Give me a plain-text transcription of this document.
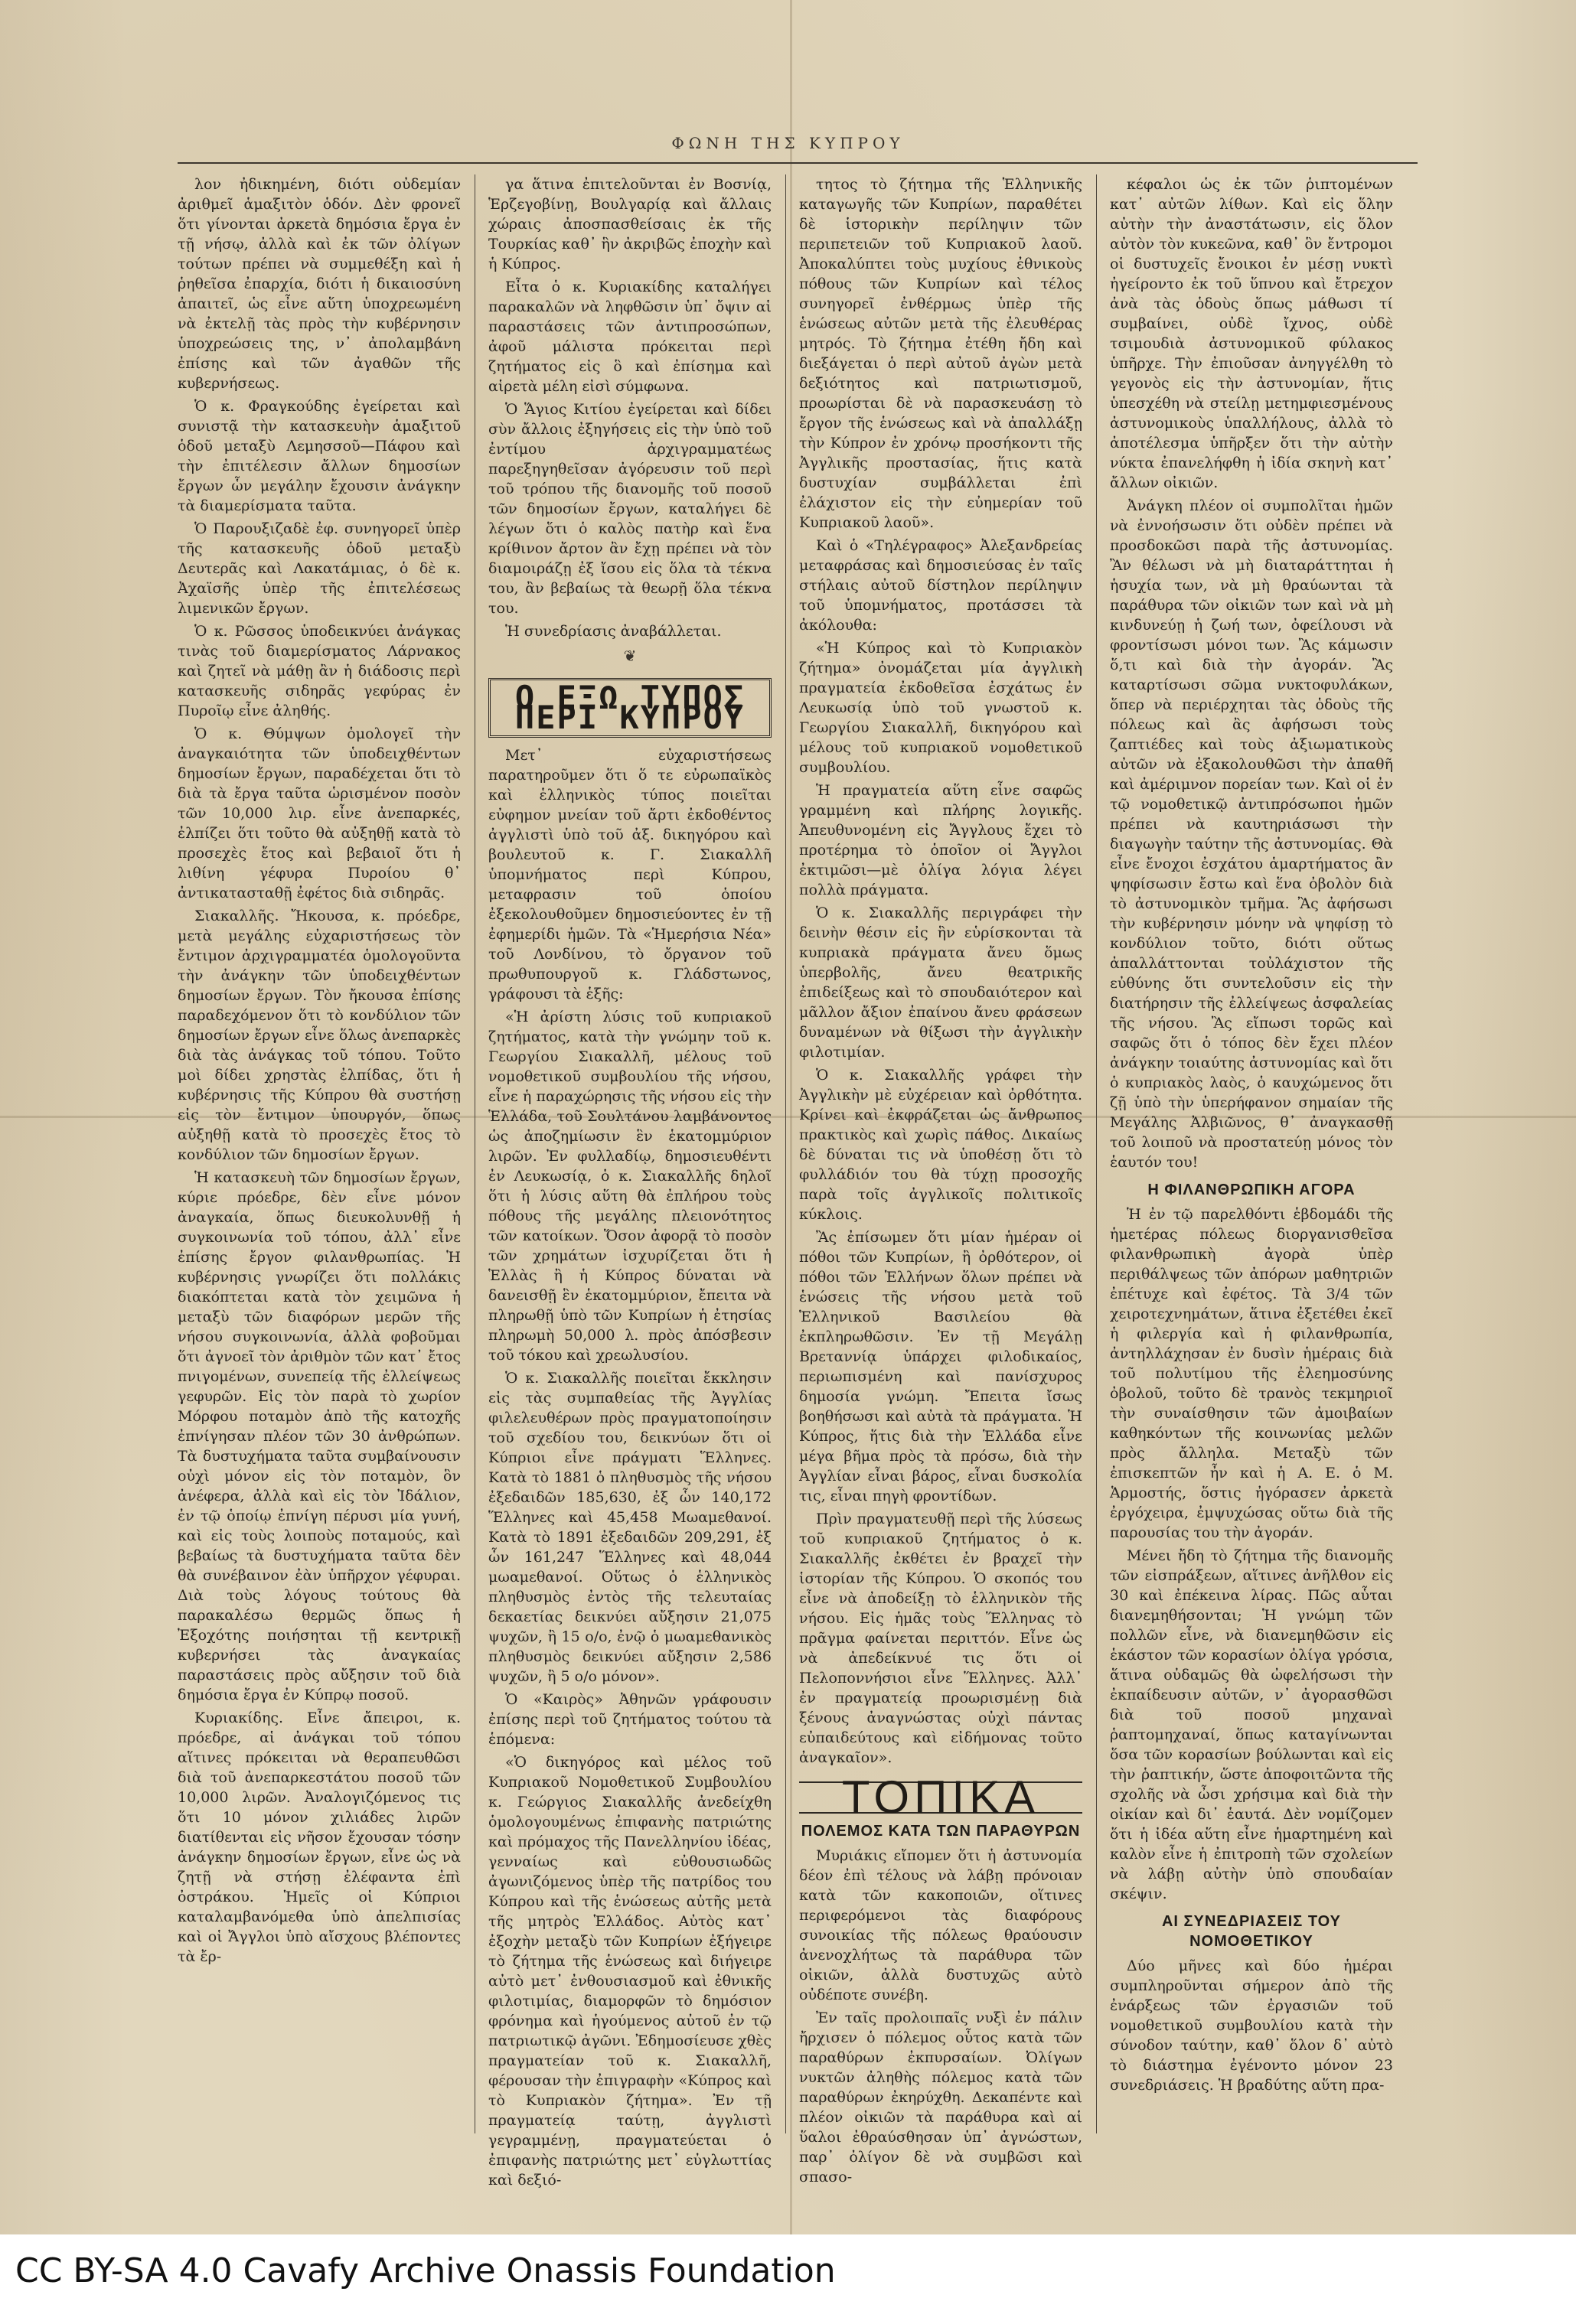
ΦΩΝΗ ΤΗΣ ΚΥΠΡΟΥ

λον ἠδικημένη, διότι οὐδεμίαν ἀριθμεῖ ἁμαξιτὸν ὁδόν. Δὲν φρονεῖ ὅτι γίνονται ἀρκετὰ δημόσια ἔργα ἐν τῇ νήσῳ, ἀλλὰ καὶ ἐκ τῶν ὀλίγων τούτων πρέπει νὰ συμμεθέξη καὶ ἡ ῥηθεῖσα ἐπαρχία, διότι ἡ δικαιοσύνη ἀπαιτεῖ, ὡς εἶνε αὕτη ὑποχρεωμένη νὰ ἐκτελῇ τὰς πρὸς τὴν κυβέρνησιν ὑποχρεώσεις της, ν᾽ ἀπολαμβάνη ἐπίσης καὶ τῶν ἀγαθῶν τῆς κυβερνήσεως.

Ὁ κ. Φραγκούδης ἐγείρεται καὶ συνιστᾷ τὴν κατασκευὴν ἁμαξιτοῦ ὁδοῦ μεταξὺ Λεμησσοῦ—Πάφου καὶ τὴν ἐπιτέλεσιν ἄλλων δημοσίων ἔργων ὧν μεγάλην ἔχουσιν ἀνάγκην τὰ διαμερίσματα ταῦτα.

Ὁ Παρουξιζαδὲ ἐφ. συνηγορεῖ ὑπὲρ τῆς κατασκευῆς ὁδοῦ μεταξὺ Δευτερᾶς καὶ Λακατάμιας, ὁ δὲ κ. Ἀχαϊσῆς ὑπὲρ τῆς ἐπιτελέσεως λιμενικῶν ἔργων.

Ὁ κ. Ρῶσσος ὑποδεικνύει ἀνάγκας τινὰς τοῦ διαμερίσματος Λάρνακος καὶ ζητεῖ νὰ μάθῃ ἂν ἡ διάδοσις περὶ κατασκευῆς σιδηρᾶς γεφύρας ἐν Πυροῖῳ εἶνε ἀληθής.

Ὁ κ. Θύμψων ὁμολογεῖ τὴν ἀναγκαιότητα τῶν ὑποδειχθέντων δημοσίων ἔργων, παραδέχεται ὅτι τὸ διὰ τὰ ἔργα ταῦτα ὡρισμένον ποσὸν τῶν 10,000 λιρ. εἶνε ἀνεπαρκές, ἐλπίζει ὅτι τοῦτο θὰ αὐξηθῇ κατὰ τὸ προσεχὲς ἔτος καὶ βεβαιοῖ ὅτι ἡ λιθίνη γέφυρα Πυροίου θ᾽ ἀντικατασταθῇ ἐφέτος διὰ σιδηρᾶς.

Σιακαλλῆς. Ἤκουσα, κ. πρόεδρε, μετὰ μεγάλης εὐχαριστήσεως τὸν ἔντιμον ἀρχιγραμματέα ὁμολογοῦντα τὴν ἀνάγκην τῶν ὑποδειχθέντων δημοσίων ἔργων. Τὸν ἤκουσα ἐπίσης παραδεχόμενον ὅτι τὸ κονδύλιον τῶν δημοσίων ἔργων εἶνε ὅλως ἀνεπαρκὲς διὰ τὰς ἀνάγκας τοῦ τόπου. Τοῦτο μοὶ δίδει χρηστὰς ἐλπίδας, ὅτι ἡ κυβέρνησις τῆς Κύπρου θὰ συστήσῃ εἰς τὸν ἔντιμον ὑπουργόν, ὅπως αὐξηθῇ κατὰ τὸ προσεχὲς ἔτος τὸ κονδύλιον τῶν δημοσίων ἔργων.

Ἡ κατασκευὴ τῶν δημοσίων ἔργων, κύριε πρόεδρε, δὲν εἶνε μόνον ἀναγκαία, ὅπως διευκολυνθῇ ἡ συγκοινωνία τοῦ τόπου, ἀλλ᾽ εἶνε ἐπίσης ἔργον φιλανθρωπίας. Ἡ κυβέρνησις γνωρίζει ὅτι πολλάκις διακόπτεται κατὰ τὸν χειμῶνα ἡ μεταξὺ τῶν διαφόρων μερῶν τῆς νήσου συγκοινωνία, ἀλλὰ φοβοῦμαι ὅτι ἀγνοεῖ τὸν ἀριθμὸν τῶν κατ᾽ ἔτος πνιγομένων, συνεπείᾳ τῆς ἐλλείψεως γεφυρῶν. Εἰς τὸν παρὰ τὸ χωρίον Μόρφου ποταμὸν ἀπὸ τῆς κατοχῆς ἐπνίγησαν πλέον τῶν 30 ἀνθρώπων. Τὰ δυστυχήματα ταῦτα συμβαίνουσιν οὐχὶ μόνον εἰς τὸν ποταμὸν, ὃν ἀνέφερα, ἀλλὰ καὶ εἰς τὸν Ἰδάλιον, ἐν τῷ ὁποίῳ ἐπνίγη πέρυσι μία γυνή, καὶ εἰς τοὺς λοιποὺς ποταμούς, καὶ βεβαίως τὰ δυστυχήματα ταῦτα δὲν θὰ συνέβαινον ἐὰν ὑπῆρχον γέφυραι. Διὰ τοὺς λόγους τούτους θὰ παρακαλέσω θερμῶς ὅπως ἡ Ἐξοχότης ποιήσηται τῇ κεντρικῇ κυβερνήσει τὰς ἀναγκαίας παραστάσεις πρὸς αὔξησιν τοῦ διὰ δημόσια ἔργα ἐν Κύπρῳ ποσοῦ.

Κυριακίδης. Εἶνε ἄπειροι, κ. πρόεδρε, αἱ ἀνάγκαι τοῦ τόπου αἵτινες πρόκειται νὰ θεραπευθῶσι διὰ τοῦ ἀνεπαρκεστάτου ποσοῦ τῶν 10,000 λιρῶν. Ἀναλογιζόμενος τις ὅτι 10 μόνον χιλιάδες λιρῶν διατίθενται εἰς νῆσον ἔχουσαν τόσην ἀνάγκην δημοσίων ἔργων, εἶνε ὡς νὰ ζητῇ νὰ στήσῃ ἐλέφαντα ἐπὶ ὀστράκου. Ἡμεῖς οἱ Κύπριοι καταλαμβανόμεθα ὑπὸ ἀπελπισίας καὶ οἱ Ἄγγλοι ὑπὸ αἴσχους βλέποντες τὰ ἔρ-

γα ἅτινα ἐπιτελοῦνται ἐν Βοσνίᾳ, Ἑρζεγοβίνῃ, Βουλγαρίᾳ καὶ ἄλλαις χώραις ἀποσπασθείσαις ἐκ τῆς Τουρκίας καθ᾽ ἣν ἀκριβῶς ἐποχὴν καὶ ἡ Κύπρος.

Εἶτα ὁ κ. Κυριακίδης καταλήγει παρακαλῶν νὰ ληφθῶσιν ὑπ᾽ ὄψιν αἱ παραστάσεις τῶν ἀντιπροσώπων, ἀφοῦ μάλιστα πρόκειται περὶ ζητήματος εἰς ὃ καὶ ἐπίσημα καὶ αἱρετὰ μέλη εἰσὶ σύμφωνα.

Ὁ Ἅγιος Κιτίου ἐγείρεται καὶ δίδει σὺν ἄλλοις ἐξηγήσεις εἰς τὴν ὑπὸ τοῦ ἐντίμου ἀρχιγραμματέως παρεξηγηθεῖσαν ἀγόρευσιν τοῦ περὶ τοῦ τρόπου τῆς διανομῆς τοῦ ποσοῦ τῶν δημοσίων ἔργων, καταλήγει δὲ λέγων ὅτι ὁ καλὸς πατὴρ καὶ ἕνα κρίθινον ἄρτον ἂν ἔχῃ πρέπει νὰ τὸν διαμοιράζῃ ἐξ ἴσου εἰς ὅλα τὰ τέκνα του, ἂν βεβαίως τὰ θεωρῇ ὅλα τέκνα του.

Ἡ συνεδρίασις ἀναβάλλεται.

❦
Ο ΕΞΩ ΤΥΠΟΣ ΠΕΡΙ ΚΥΠΡΟΥ

Μετ᾽ εὐχαριστήσεως παρατηροῦμεν ὅτι ὅ τε εὐρωπαϊκὸς καὶ ἑλληνικὸς τύπος ποιεῖται εὐφημον μνείαν τοῦ ἄρτι ἐκδοθέντος ἀγγλιστὶ ὑπὸ τοῦ ἀξ. δικηγόρου καὶ βουλευτοῦ κ. Γ. Σιακαλλῆ ὑπομνήματος περὶ Κύπρου, μεταφρασιν τοῦ ὁποίου ἐξεκολουθοῦμεν δημοσιεύοντες ἐν τῇ ἐφημερίδι ἡμῶν. Τὰ «Ἡμερήσια Νέα» τοῦ Λονδίνου, τὸ ὄργανον τοῦ πρωθυπουργοῦ κ. Γλάδστωνος, γράφουσι τὰ ἑξῆς:

«Ἡ ἀρίστη λύσις τοῦ κυπριακοῦ ζητήματος, κατὰ τὴν γνώμην τοῦ κ. Γεωργίου Σιακαλλῆ, μέλους τοῦ νομοθετικοῦ συμβουλίου τῆς νήσου, εἶνε ἡ παραχώρησις τῆς νήσου εἰς τὴν Ἑλλάδα, τοῦ Σουλτάνου λαμβάνοντος ὡς ἀποζημίωσιν ἓν ἑκατομμύριον λιρῶν. Ἐν φυλλαδίῳ, δημοσιευθέντι ἐν Λευκωσίᾳ, ὁ κ. Σιακαλλῆς δηλοῖ ὅτι ἡ λύσις αὕτη θὰ ἐπλήρου τοὺς πόθους τῆς μεγάλης πλειονότητος τῶν κατοίκων. Ὅσον ἀφορᾷ τὸ ποσὸν τῶν χρημάτων ἰσχυρίζεται ὅτι ἡ Ἑλλὰς ἢ ἡ Κύπρος δύναται νὰ δανεισθῇ ἓν ἑκατομμύριον, ἔπειτα νὰ πληρωθῇ ὑπὸ τῶν Κυπρίων ἡ ἐτησίας πληρωμὴ 50,000 λ. πρὸς ἀπόσβεσιν τοῦ τόκου καὶ χρεωλυσίου.

Ὁ κ. Σιακαλλῆς ποιεῖται ἔκκλησιν εἰς τὰς συμπαθείας τῆς Ἀγγλίας φιλελευθέρων πρὸς πραγματοποίησιν τοῦ σχεδίου του, δεικνύων ὅτι οἱ Κύπριοι εἶνε πράγματι Ἕλληνες. Κατὰ τὸ 1881 ὁ πληθυσμὸς τῆς νήσου ἐξεδαιδῶν 185,630, ἐξ ὧν 140,172 Ἕλληνες καὶ 45,458 Μωαμεθανοί. Κατὰ τὸ 1891 ἐξεδαιδῶν 209,291, ἐξ ὧν 161,247 Ἕλληνες καὶ 48,044 μωαμεθανοί. Οὕτως ὁ ἑλληνικὸς πληθυσμὸς ἐντὸς τῆς τελευταίας δεκαετίας δεικνύει αὔξησιν 21,075 ψυχῶν, ἢ 15 ο/ο, ἐνῷ ὁ μωαμεθανικὸς πληθυσμὸς δεικνύει αὔξησιν 2,586 ψυχῶν, ἢ 5 ο/ο μόνον».

Ὁ «Καιρὸς» Ἀθηνῶν γράφουσιν ἐπίσης περὶ τοῦ ζητήματος τούτου τὰ ἑπόμενα:

«Ὁ δικηγόρος καὶ μέλος τοῦ Κυπριακοῦ Νομοθετικοῦ Συμβουλίου κ. Γεώργιος Σιακαλλῆς ἀνεδείχθη ὁμολογουμένως ἐπιφανὴς πατριώτης καὶ πρόμαχος τῆς Πανελληνίου ἰδέας, γενναίως καὶ εὐθουσιωδῶς ἀγωνιζόμενος ὑπὲρ τῆς πατρίδος του Κύπρου καὶ τῆς ἑνώσεως αὐτῆς μετὰ τῆς μητρὸς Ἑλλάδος. Αὐτὸς κατ᾽ ἐξοχὴν μεταξὺ τῶν Κυπρίων ἐξήγειρε τὸ ζήτημα τῆς ἑνώσεως καὶ διήγειρε αὐτὸ μετ᾽ ἐνθουσιασμοῦ καὶ ἐθνικῆς φιλοτιμίας, διαμορφῶν τὸ δημόσιον φρόνημα καὶ ἡγούμενος αὐτοῦ ἐν τῷ πατριωτικῷ ἀγῶνι. Ἐδημοσίευσε χθὲς πραγματείαν τοῦ κ. Σιακαλλῆ, φέρουσαν τὴν ἐπιγραφὴν «Κύπρος καὶ τὸ Κυπριακὸν ζήτημα». Ἐν τῇ πραγματείᾳ ταύτῃ, ἀγγλιστὶ γεγραμμένῃ, πραγματεύεται ὁ ἐπιφανὴς πατριώτης μετ᾽ εὐγλωττίας καὶ δεξιό-

τητος τὸ ζήτημα τῆς Ἑλληνικῆς καταγωγῆς τῶν Κυπρίων, παραθέτει δὲ ἱστορικὴν περίληψιν τῶν περιπετειῶν τοῦ Κυπριακοῦ λαοῦ. Ἀποκαλύπτει τοὺς μυχίους ἐθνικοὺς πόθους τῶν Κυπρίων καὶ τέλος συνηγορεῖ ἐνθέρμως ὑπὲρ τῆς ἑνώσεως αὐτῶν μετὰ τῆς ἐλευθέρας μητρός. Τὸ ζήτημα ἐτέθη ἤδη καὶ διεξάγεται ὁ περὶ αὐτοῦ ἀγὼν μετὰ δεξιότητος καὶ πατριωτισμοῦ, προωρίσται δὲ νὰ παρασκευάσῃ τὸ ἔργον τῆς ἑνώσεως καὶ νὰ ἀπαλλάξῃ τὴν Κύπρον ἐν χρόνῳ προσήκοντι τῆς Ἀγγλικῆς προστασίας, ἥτις κατὰ δυστυχίαν συμβάλλεται ἐπὶ ἐλάχιστον εἰς τὴν εὐημερίαν τοῦ Κυπριακοῦ λαοῦ».

Καὶ ὁ «Τηλέγραφος» Ἀλεξανδρείας μεταφράσας καὶ δημοσιεύσας ἐν ταῖς στήλαις αὐτοῦ δίστηλον περίληψιν τοῦ ὑπομνήματος, προτάσσει τὰ ἀκόλουθα:

«Ἡ Κύπρος καὶ τὸ Κυπριακὸν ζήτημα» ὀνομάζεται μία ἀγγλικὴ πραγματεία ἐκδοθεῖσα ἐσχάτως ἐν Λευκωσίᾳ ὑπὸ τοῦ γνωστοῦ κ. Γεωργίου Σιακαλλῆ, δικηγόρου καὶ μέλους τοῦ κυπριακοῦ νομοθετικοῦ συμβουλίου.

Ἡ πραγματεία αὕτη εἶνε σαφῶς γραμμένη καὶ πλήρης λογικῆς. Ἀπευθυνομένη εἰς Ἄγγλους ἔχει τὸ προτέρημα τὸ ὁποῖον οἱ Ἄγγλοι ἐκτιμῶσι—μὲ ὀλίγα λόγια λέγει πολλὰ πράγματα.

Ὁ κ. Σιακαλλῆς περιγράφει τὴν δεινὴν θέσιν εἰς ἣν εὑρίσκονται τὰ κυπριακὰ πράγματα ἄνευ ὅμως ὑπερβολῆς, ἄνευ θεατρικῆς ἐπιδείξεως καὶ τὸ σπουδαιότερον καὶ μᾶλλον ἄξιον ἐπαίνου ἄνευ φράσεων δυναμένων νὰ θίξωσι τὴν ἀγγλικὴν φιλοτιμίαν.

Ὁ κ. Σιακαλλῆς γράφει τὴν Ἀγγλικὴν μὲ εὐχέρειαν καὶ ὀρθότητα. Κρίνει καὶ ἐκφράζεται ὡς ἄνθρωπος πρακτικὸς καὶ χωρὶς πάθος. Δικαίως δὲ δύναται τις νὰ ὑποθέσῃ ὅτι τὸ φυλλάδιόν του θὰ τύχῃ προσοχῆς παρὰ τοῖς ἀγγλικοῖς πολιτικοῖς κύκλοις.

Ἂς ἐπίσωμεν ὅτι μίαν ἡμέραν οἱ πόθοι τῶν Κυπρίων, ἢ ὀρθότερον, οἱ πόθοι τῶν Ἑλλήνων ὅλων πρέπει νὰ ἑνώσεις τῆς νήσου μετὰ τοῦ Ἑλληνικοῦ Βασιλείου θὰ ἐκπληρωθῶσιν. Ἐν τῇ Μεγάλῃ Βρεταννίᾳ ὑπάρχει φιλοδικαίος, περιωπισμένη καὶ πανίσχυρος δημοσία γνώμη. Ἔπειτα ἴσως βοηθήσωσι καὶ αὐτὰ τὰ πράγματα. Ἡ Κύπρος, ἥτις διὰ τὴν Ἑλλάδα εἶνε μέγα βῆμα πρὸς τὰ πρόσω, διὰ τὴν Ἀγγλίαν εἶναι βάρος, εἶναι δυσκολία τις, εἶναι πηγὴ φροντίδων.

Πρὶν πραγματευθῇ περὶ τῆς λύσεως τοῦ κυπριακοῦ ζητήματος ὁ κ. Σιακαλλῆς ἐκθέτει ἐν βραχεῖ τὴν ἱστορίαν τῆς Κύπρου. Ὁ σκοπός του εἶνε νὰ ἀποδείξῃ τὸ ἑλληνικὸν τῆς νήσου. Εἰς ἡμᾶς τοὺς Ἕλληνας τὸ πρᾶγμα φαίνεται περιττόν. Εἶνε ὡς νὰ ἀπεδείκνυέ τις ὅτι οἱ Πελοποννήσιοι εἶνε Ἕλληνες. Ἀλλ᾽ ἐν πραγματείᾳ προωρισμένῃ διὰ ξένους ἀναγνώστας οὐχὶ πάντας εὐπαιδεύτους καὶ εἰδήμονας τοῦτο ἀναγκαῖον».

ΤΟΠΙΚΑ
ΠΟΛΕΜΟΣ ΚΑΤΑ ΤΩΝ ΠΑΡΑΘΥΡΩΝ

Μυριάκις εἴπομεν ὅτι ἡ ἀστυνομία δέον ἐπὶ τέλους νὰ λάβῃ πρόνοιαν κατὰ τῶν κακοποιῶν, οἵτινες περιφερόμενοι τὰς διαφόρους συνοικίας τῆς πόλεως θραύουσιν ἀνενοχλήτως τὰ παράθυρα τῶν οἰκιῶν, ἀλλὰ δυστυχῶς αὐτὸ οὐδέποτε συνέβη.

Ἐν ταῖς προλοιπαῖς νυξὶ ἐν πάλιν ἤρχισεν ὁ πόλεμος οὗτος κατὰ τῶν παραθύρων ἐκπυρσαίων. Ὀλίγων νυκτῶν ἀληθὴς πόλεμος κατὰ τῶν παραθύρων ἐκηρύχθη. Δεκαπέντε καὶ πλέον οἰκιῶν τὰ παράθυρα καὶ αἱ ὕαλοι ἐθραύσθησαν ὑπ᾽ ἀγνώστων, παρ᾽ ὀλίγον δὲ νὰ συμβῶσι καὶ σπασο-

κέφαλοι ὡς ἐκ τῶν ῥιπτομένων κατ᾽ αὐτῶν λίθων. Καὶ εἰς ὅλην αὐτὴν τὴν ἀναστάτωσιν, εἰς ὅλον αὐτὸν τὸν κυκεῶνα, καθ᾽ ὃν ἔντρομοι οἱ δυστυχεῖς ἔνοικοι ἐν μέσῃ νυκτὶ ἠγείροντο ἐκ τοῦ ὕπνου καὶ ἔτρεχον ἀνὰ τὰς ὁδοὺς ὅπως μάθωσι τί συμβαίνει, οὐδὲ ἴχνος, οὐδὲ τσιμουδιὰ ἀστυνομικοῦ φύλακος ὑπῆρχε. Τὴν ἐπιοῦσαν ἀνηγγέλθη τὸ γεγονὸς εἰς τὴν ἀστυνομίαν, ἥτις ὑπεσχέθη νὰ στείλῃ μετημφιεσμένους ἀστυνομικοὺς ὑπαλλήλους, ἀλλὰ τὸ ἀποτέλεσμα ὑπῆρξεν ὅτι τὴν αὐτὴν νύκτα ἐπανελήφθη ἡ ἰδία σκηνὴ κατ᾽ ἄλλων οἰκιῶν.

Ἀνάγκη πλέον οἱ συμπολῖται ἡμῶν νὰ ἐννοήσωσιν ὅτι οὐδὲν πρέπει νὰ προσδοκῶσι παρὰ τῆς ἀστυνομίας. Ἂν θέλωσι νὰ μὴ διαταράττηται ἡ ἡσυχία των, νὰ μὴ θραύωνται τὰ παράθυρα τῶν οἰκιῶν των καὶ νὰ μὴ κινδυνεύῃ ἡ ζωή των, ὀφείλουσι νὰ φροντίσωσι μόνοι των. Ἂς κάμωσιν ὅ,τι καὶ διὰ τὴν ἀγοράν. Ἂς καταρτίσωσι σῶμα νυκτοφυλάκων, ὅπερ νὰ περιέρχηται τὰς ὁδοὺς τῆς πόλεως καὶ ἂς ἀφήσωσι τοὺς ζαπτιέδες καὶ τοὺς ἀξιωματικοὺς αὐτῶν νὰ ἐξακολουθῶσι τὴν ἀπαθῆ καὶ ἀμέριμνον πορείαν των. Καὶ οἱ ἐν τῷ νομοθετικῷ ἀντιπρόσωποι ἡμῶν πρέπει νὰ καυτηριάσωσι τὴν διαγωγὴν ταύτην τῆς ἀστυνομίας. Θὰ εἶνε ἔνοχοι ἐσχάτου ἁμαρτήματος ἂν ψηφίσωσιν ἔστω καὶ ἕνα ὀβολὸν διὰ τὸ ἀστυνομικὸν τμῆμα. Ἂς ἀφήσωσι τὴν κυβέρνησιν μόνην νὰ ψηφίσῃ τὸ κονδύλιον τοῦτο, διότι οὕτως ἀπαλλάττονται τοὐλάχιστον τῆς εὐθύνης ὅτι συντελοῦσιν εἰς τὴν διατήρησιν τῆς ἐλλείψεως ἀσφαλείας τῆς νήσου. Ἂς εἴπωσι τορῶς καὶ σαφῶς ὅτι ὁ τόπος δὲν ἔχει πλέον ἀνάγκην τοιαύτης ἀστυνομίας καὶ ὅτι ὁ κυπριακὸς λαὸς, ὁ καυχώμενος ὅτι ζῇ ὑπὸ τὴν ὑπερήφανον σημαίαν τῆς Μεγάλης Ἀλβιῶνος, θ᾽ ἀναγκασθῇ τοῦ λοιποῦ νὰ προστατεύῃ μόνος τὸν ἑαυτόν του!

Η ΦΙΛΑΝΘΡΩΠΙΚΗ ΑΓΟΡΑ

Ἡ ἐν τῷ παρελθόντι ἑβδομάδι τῆς ἡμετέρας πόλεως διοργανισθεῖσα φιλανθρωπικὴ ἀγορὰ ὑπὲρ περιθάλψεως τῶν ἀπόρων μαθητριῶν ἐπέτυχε καὶ ἐφέτος. Τὰ 3/4 τῶν χειροτεχνημάτων, ἅτινα ἐξετέθει ἐκεῖ ἡ φιλεργία καὶ ἡ φιλανθρωπία, ἀντηλλάχησαν ἐν δυσὶν ἡμέραις διὰ τοῦ πολυτίμου τῆς ἐλεημοσύνης ὀβολοῦ, τοῦτο δὲ τρανὸς τεκμηριοῖ τὴν συναίσθησιν τῶν ἀμοιβαίων καθηκόντων τῆς κοινωνίας μελῶν πρὸς ἄλληλα. Μεταξὺ τῶν ἐπισκεπτῶν ἦν καὶ ἡ Α. Ε. ὁ Μ. Ἁρμοστής, ὅστις ἠγόρασεν ἀρκετὰ ἐργόχειρα, ἐμψυχώσας οὕτω διὰ τῆς παρουσίας του τὴν ἀγοράν.

Μένει ἤδη τὸ ζήτημα τῆς διανομῆς τῶν εἰσπράξεων, αἵτινες ἀνῆλθον εἰς 30 καὶ ἐπέκεινα λίρας. Πῶς αὗται διανεμηθήσονται; Ἡ γνώμη τῶν πολλῶν εἶνε, νὰ διανεμηθῶσιν εἰς ἑκάστον τῶν κορασίων ὀλίγα γρόσια, ἅτινα οὐδαμῶς θὰ ὠφελήσωσι τὴν ἐκπαίδευσιν αὐτῶν, ν᾽ ἀγορασθῶσι διὰ τοῦ ποσοῦ μηχαναὶ ῥαπτομηχαναί, ὅπως καταγίνωνται ὅσα τῶν κορασίων βούλωνται καὶ εἰς τὴν ῥαπτικήν, ὥστε ἀποφοιτῶντα τῆς σχολῆς νὰ ὦσι χρήσιμα καὶ διὰ τὴν οἰκίαν καὶ δι᾽ ἑαυτά. Δὲν νομίζομεν ὅτι ἡ ἰδέα αὕτη εἶνε ἡμαρτημένη καὶ καλὸν εἶνε ἡ ἐπιτροπὴ τῶν σχολείων νὰ λάβῃ αὐτὴν ὑπὸ σπουδαίαν σκέψιν.

ΑΙ ΣΥΝΕΔΡΙΑΣΕΙΣ ΤΟΥ ΝΟΜΟΘΕΤΙΚΟΥ

Δύο μῆνες καὶ δύο ἡμέραι συμπληροῦνται σήμερον ἀπὸ τῆς ἐνάρξεως τῶν ἐργασιῶν τοῦ νομοθετικοῦ συμβουλίου κατὰ τὴν σύνοδον ταύτην, καθ᾽ ὅλον δ᾽ αὐτὸ τὸ διάστημα ἐγένοντο μόνον 23 συνεδριάσεις. Ἡ βραδύτης αὕτη πρα-

CC BY-SA 4.0 Cavafy Archive Onassis Foundation
